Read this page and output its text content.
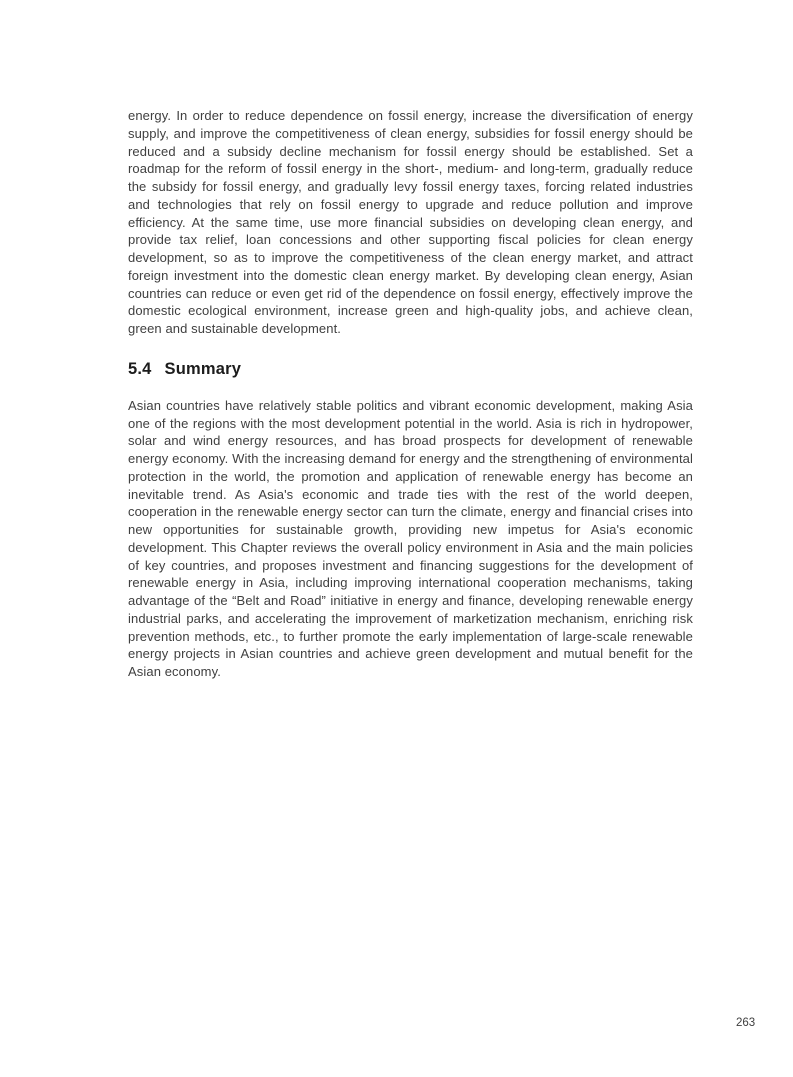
energy. In order to reduce dependence on fossil energy, increase the diversification of energy supply, and improve the competitiveness of clean energy, subsidies for fossil energy should be reduced and a subsidy decline mechanism for fossil energy should be established. Set a roadmap for the reform of fossil energy in the short-, medium- and long-term, gradually reduce the subsidy for fossil energy, and gradually levy fossil energy taxes, forcing related industries and technologies that rely on fossil energy to upgrade and reduce pollution and improve efficiency. At the same time, use more financial subsidies on developing clean energy, and provide tax relief, loan concessions and other supporting fiscal policies for clean energy development, so as to improve the competitiveness of the clean energy market, and attract foreign investment into the domestic clean energy market. By developing clean energy, Asian countries can reduce or even get rid of the dependence on fossil energy, effectively improve the domestic ecological environment, increase green and high-quality jobs, and achieve clean, green and sustainable development.

5.4 Summary

Asian countries have relatively stable politics and vibrant economic development, making Asia one of the regions with the most development potential in the world. Asia is rich in hydropower, solar and wind energy resources, and has broad prospects for development of renewable energy economy. With the increasing demand for energy and the strengthening of environmental protection in the world, the promotion and application of renewable energy has become an inevitable trend. As Asia's economic and trade ties with the rest of the world deepen, cooperation in the renewable energy sector can turn the climate, energy and financial crises into new opportunities for sustainable growth, providing new impetus for Asia's economic development. This Chapter reviews the overall policy environment in Asia and the main policies of key countries, and proposes investment and financing suggestions for the development of renewable energy in Asia, including improving international cooperation mechanisms, taking advantage of the “Belt and Road” initiative in energy and finance, developing renewable energy industrial parks, and accelerating the improvement of marketization mechanism, enriching risk prevention methods, etc., to further promote the early implementation of large-scale renewable energy projects in Asian countries and achieve green development and mutual benefit for the Asian economy.

263
